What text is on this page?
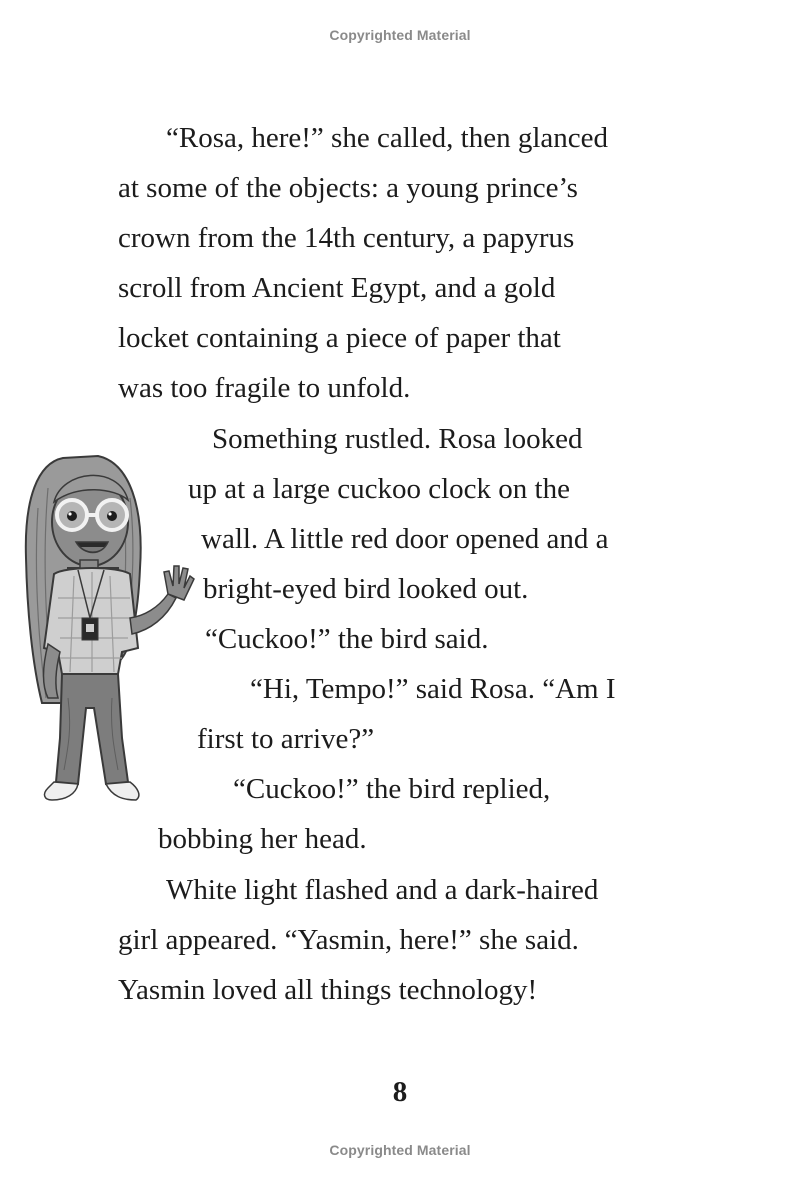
Copyrighted Material
“Rosa, here!” she called, then glanced
at some of the objects: a young prince’s
crown from the 14th century, a papyrus
scroll from Ancient Egypt, and a gold
locket containing a piece of paper that
was too fragile to unfold.
Something rustled. Rosa looked
up at a large cuckoo clock on the
wall. A little red door opened and a
bright-eyed bird looked out.
“Cuckoo!” the bird said.
“Hi, Tempo!” said Rosa. “Am I
first to arrive?”
“Cuckoo!” the bird replied,
bobbing her head.
White light flashed and a dark-haired
girl appeared. “Yasmin, here!” she said.
Yasmin loved all things technology!
8
Copyrighted Material
